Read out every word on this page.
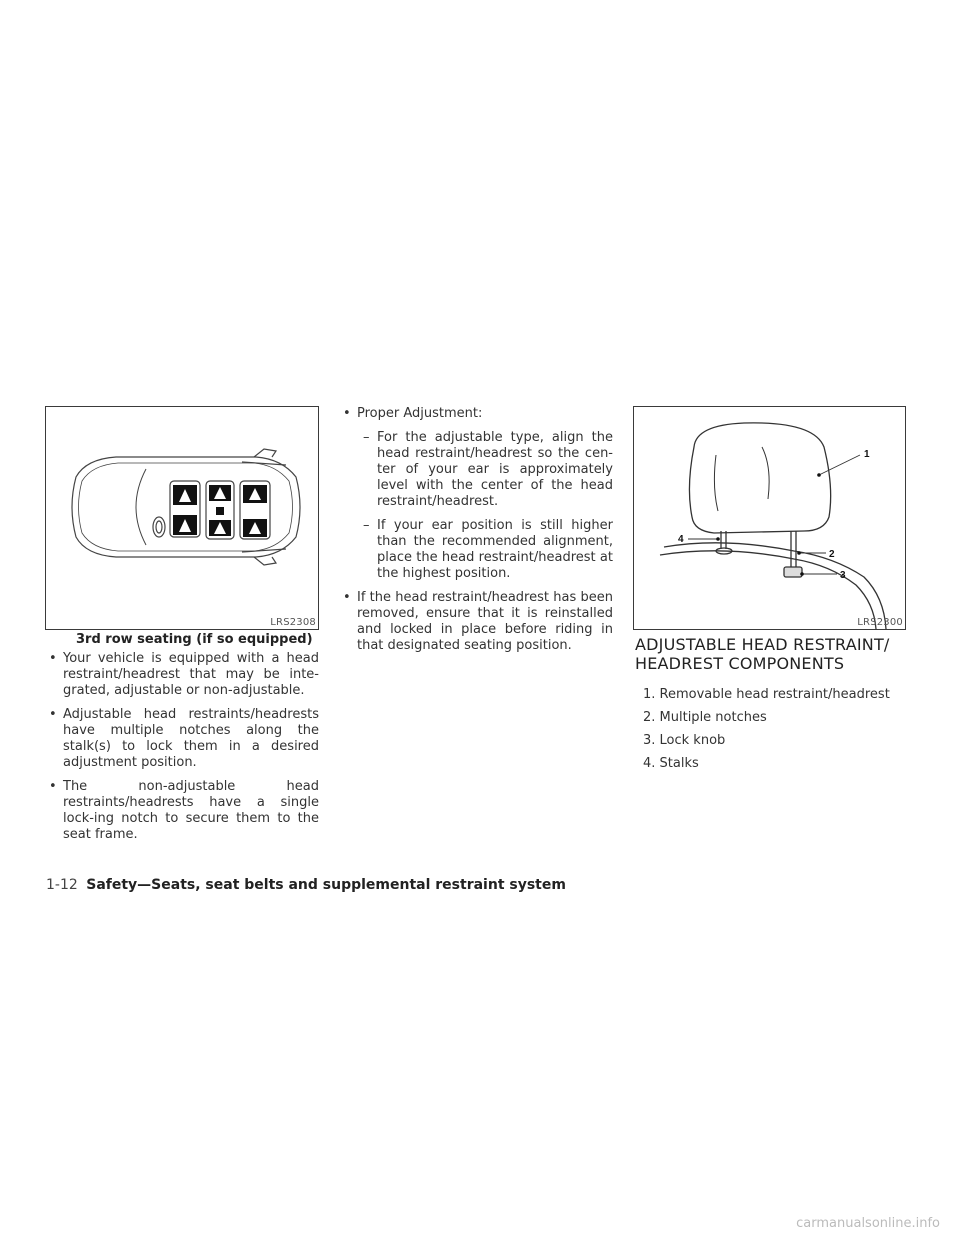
LRS2308
3rd row seating (if so equipped)
• Your vehicle is equipped with a head restraint/headrest that may be inte-grated, adjustable or non-adjustable.
• Adjustable head restraints/headrests have multiple notches along the stalk(s) to lock them in a desired adjustment position.
• The non-adjustable head restraints/headrests have a single lock-ing notch to secure them to the seat frame.
• Proper Adjustment:
– For the adjustable type, align the head restraint/headrest so the cen-ter of your ear is approximately level with the center of the head restraint/headrest.
– If your ear position is still higher than the recommended alignment, place the head restraint/headrest at the highest position.
• If the head restraint/headrest has been removed, ensure that it is reinstalled and locked in place before riding in that designated seating position.
1
2
3
4
LRS2300
ADJUSTABLE HEAD RESTRAINT/
HEADREST COMPONENTS
1. Removable head restraint/headrest
2. Multiple notches
3. Lock knob
4. Stalks
1-12 Safety—Seats, seat belts and supplemental restraint system
carmanualsonline.info
